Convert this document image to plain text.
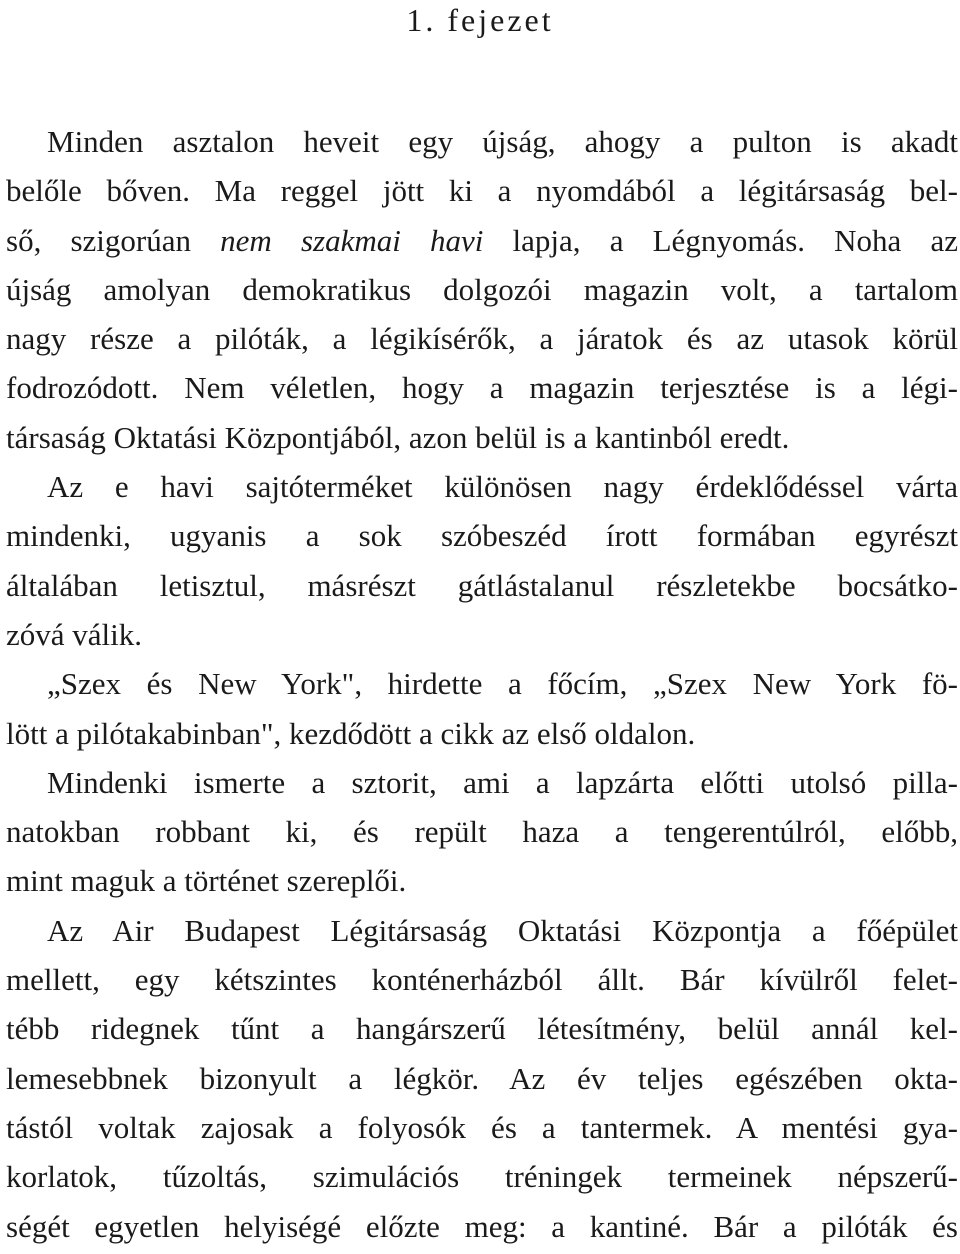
1. fejezet
Minden asztalon heveit egy újság, ahogy a pulton is akadt
belőle bőven. Ma reggel jött ki a nyomdából a légitársaság bel-
ső, szigorúan nem szakmai havi lapja, a Légnyomás. Noha az
újság amolyan demokratikus dolgozói magazin volt, a tartalom
nagy része a pilóták, a légikísérők, a járatok és az utasok körül
fodrozódott. Nem véletlen, hogy a magazin terjesztése is a légi-
társaság Oktatási Központjából, azon belül is a kantinból eredt.
Az e havi sajtóterméket különösen nagy érdeklődéssel várta
mindenki, ugyanis a sok szóbeszéd írott formában egyrészt
általában letisztul, másrészt gátlástalanul részletekbe bocsátko-
zóvá válik.
„Szex és New York", hirdette a főcím, „Szex New York fö-
lött a pilótakabinban", kezdődött a cikk az első oldalon.
Mindenki ismerte a sztorit, ami a lapzárta előtti utolsó pilla-
natokban robbant ki, és repült haza a tengerentúlról, előbb,
mint maguk a történet szereplői.
Az Air Budapest Légitársaság Oktatási Központja a főépület
mellett, egy kétszintes konténerházból állt. Bár kívülről felet-
tébb ridegnek tűnt a hangárszerű létesítmény, belül annál kel-
lemesebbnek bizonyult a légkör. Az év teljes egészében okta-
tástól voltak zajosak a folyosók és a tantermek. A mentési gya-
korlatok, tűzoltás, szimulációs tréningek termeinek népszerű-
ségét egyetlen helyiségé előzte meg: a kantiné. Bár a pilóták és
